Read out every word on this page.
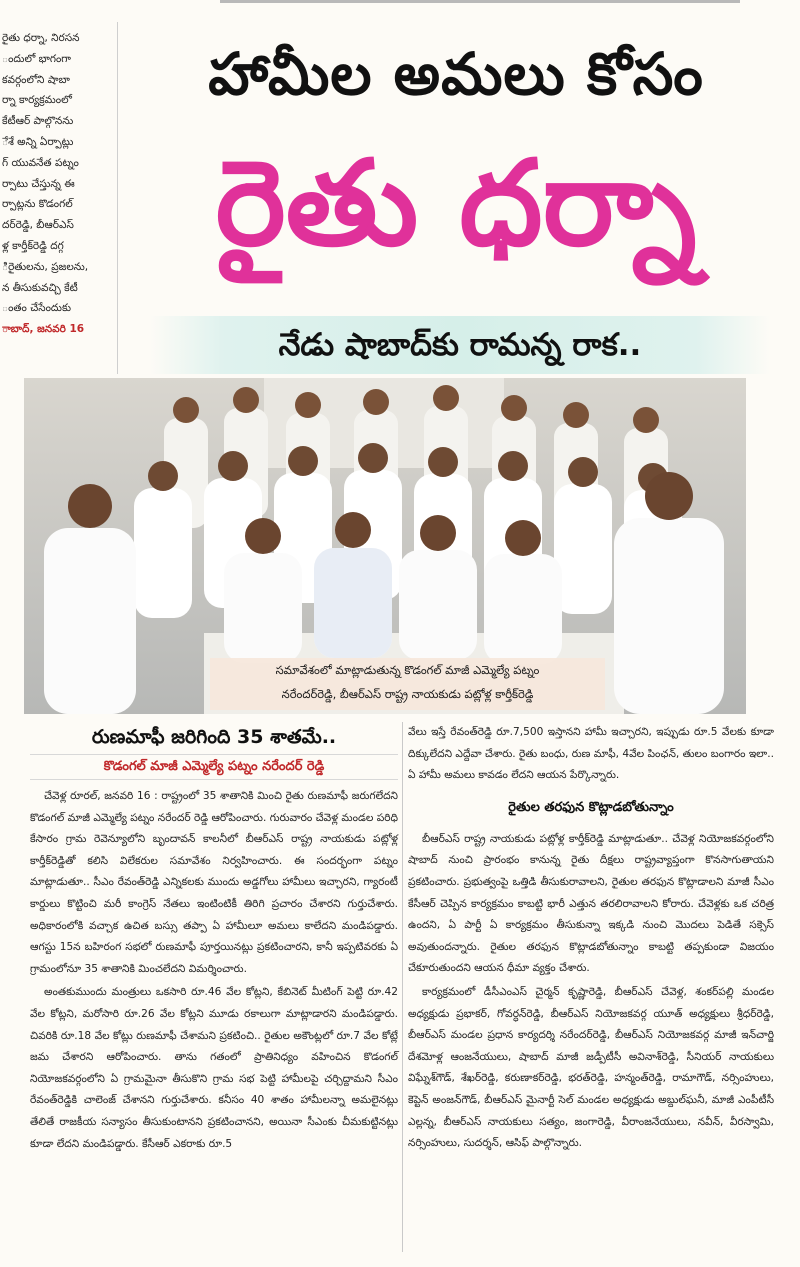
రైతు ధర్నా, నిరసన
ందులో భాగంగా
కవర్గంలోని షాబా
ర్నా కార్యక్రమంలో
కేటీఆర్ పాల్గొనను
ేశే అన్ని ఏర్పాట్లు
గ్ యువనేత పట్నం
ర్పాటు చేస్తున్న ఈ
ర్పాట్లను కొడంగల్
దర్‌రెడ్డి, బీఆర్ఎస్
ళ్ల కార్తీక్‌రెడ్డి దగ్గ
ిరైతులను, ప్రజలను,
న తీసుకువచ్చి కేటీ
ంతం చేసేందుకు
ాబాద్, జనవరి 16
హామీల అమలు కోసం
రైతు ధర్నా
నేడు షాబాద్‌కు రామన్న రాక..
సమావేశంలో మాట్లాడుతున్న కొడంగల్ మాజీ ఎమ్మెల్యే పట్నం
నరేందర్‌రెడ్డి, బీఆర్ఎస్ రాష్ట్ర నాయకుడు పట్లోళ్ల కార్తీక్‌రెడ్డి
రుణమాఫీ జరిగింది 35 శాతమే..
కొడంగల్ మాజీ ఎమ్మెల్యే పట్నం నరేందర్ రెడ్డి

చేవెళ్ల రూరల్, జనవరి 16 : రాష్ట్రంలో 35 శాతానికి మించి రైతు రుణమాఫీ జరుగలేదని కొడంగల్ మాజీ ఎమ్మెల్యే పట్నం నరేందర్ రెడ్డి ఆరోపించారు. గురువారం చేవెళ్ల మండల పరిధి కేసారం గ్రామ రెవెన్యూలోని బృందావన్ కాలనీలో బీఆర్ఎస్ రాష్ట్ర నాయకుడు పట్లోళ్ల కార్తీక్‌రెడ్డితో కలిసి విలేకరుల సమావేశం నిర్వహించారు. ఈ సందర్భంగా పట్నం మాట్లాడుతూ.. సీఎం రేవంత్‌రెడ్డి ఎన్నికలకు ముందు అడ్డగోలు హామీలు ఇచ్చారని, గ్యారంటీ కార్డులు కొట్టించి మరీ కాంగ్రెస్ నేతలు ఇంటింటికీ తిరిగి ప్రచారం చేశారని గుర్తుచేశారు. అధికారంలోకి వచ్చాక ఉచిత బస్సు తప్పా ఏ హామీలూ అమలు కాలేదని మండిపడ్డారు. ఆగస్టు 15న బహిరంగ సభలో రుణమాఫీ పూర్తయినట్లు ప్రకటించారని, కానీ ఇప్పటివరకు ఏ గ్రామంలోనూ 35 శాతానికి మించలేదని విమర్శించారు.

అంతకుముందు మంత్రులు ఒకసారి రూ.46 వేల కోట్లని, కేబినెట్ మీటింగ్ పెట్టి రూ.42 వేల కోట్లని, మరోసారి రూ.26 వేల కోట్లని మూడు రకాలుగా మాట్లాడారని మండిపడ్డారు. చివరికి రూ.18 వేల కోట్లు రుణమాఫీ చేశామని ప్రకటించి.. రైతుల అకౌంట్లలో రూ.7 వేల కోట్లే జమ చేశారని ఆరోపించారు. తాను గతంలో ప్రాతినిధ్యం వహించిన కొడంగల్ నియోజకవర్గంలోని ఏ గ్రామమైనా తీసుకొని గ్రామ సభ పెట్టి హామీలపై చర్చిద్దామని సీఎం రేవంత్‌రెడ్డికి చాలెంజ్ చేశానని గుర్తుచేశారు. కనీసం 40 శాతం హామీలన్నా అమలైనట్లు తేలితే రాజకీయ సన్యాసం తీసుకుంటానని ప్రకటించానని, అయినా సీఎంకు చీమకుట్టినట్లు కూడా లేదని మండిపడ్డారు. కేసీఆర్ ఎకరాకు రూ.5

వేలు ఇస్తే రేవంత్‌రెడ్డి రూ.7,500 ఇస్తానని హామీ ఇచ్చారని, ఇప్పుడు రూ.5 వేలకు కూడా దిక్కులేదని ఎద్దేవా చేశారు. రైతు బంధు, రుణ మాఫీ, 4వేల పింఛన్, తులం బంగారం ఇలా.. ఏ హామీ అమలు కావడం లేదని ఆయన పేర్కొన్నారు.

రైతుల తరఫున కొట్లాడబోతున్నాం

బీఆర్ఎస్ రాష్ట్ర నాయకుడు పట్లోళ్ల కార్తీక్‌రెడ్డి మాట్లాడుతూ.. చేవెళ్ల నియోజకవర్గంలోని షాబాద్ నుంచి ప్రారంభం కానున్న రైతు దీక్షలు రాష్ట్రవ్యాప్తంగా కొనసాగుతాయని ప్రకటించారు. ప్రభుత్వంపై ఒత్తిడి తీసుకురావాలని, రైతుల తరఫున కొట్లాడాలని మాజీ సీఎం కేసీఆర్ చెప్పిన కార్యక్రమం కాబట్టి భారీ ఎత్తున తరలిరావాలని కోరారు. చేవెళ్లకు ఒక చరిత్ర ఉందని, ఏ పార్టీ ఏ కార్యక్రమం తీసుకున్నా ఇక్కడి నుంచి మొదలు పెడితే సక్సెస్ అవుతుందన్నారు. రైతుల తరఫున కొట్లాడబోతున్నాం కాబట్టి తప్పకుండా విజయం చేకూరుతుందని ఆయన ధీమా వ్యక్తం చేశారు.

కార్యక్రమంలో డీసీఎంఎస్ చైర్మన్ కృష్ణారెడ్డి, బీఆర్ఎస్ చేవెళ్ల, శంకర్‌పల్లి మండల అధ్యక్షుడు ప్రభాకర్, గోవర్ధన్‌రెడ్డి, బీఆర్ఎస్ నియోజకవర్గ యూత్ అధ్యక్షులు శ్రీధర్‌రెడ్డి, బీఆర్ఎస్ మండల ప్రధాన కార్యదర్శి నరేందర్‌రెడ్డి, బీఆర్ఎస్ నియోజకవర్గ మాజీ ఇన్‌చార్జి దేశమోళ్ల ఆంజనేయులు, షాబాద్ మాజీ జడ్పీటీసీ అవినాశ్‌రెడ్డి, సీనియర్ నాయకులు విఘ్నేశ్‌గౌడ్, శేఖర్‌రెడ్డి, కరుణాకర్‌రెడ్డి, భరత్‌రెడ్డి, హన్మంత్‌రెడ్డి, రామాగౌడ్, నర్సింహులు, కెప్టెన్ అంజన్‌గౌడ్, బీఆర్ఎస్ మైనార్టీ సెల్ మండల అధ్యక్షుడు అబ్దుల్‌ఘనీ, మాజీ ఎంపీటీసీ ఎల్లన్న, బీఆర్ఎస్ నాయకులు సత్యం, జంగారెడ్డి, వీరాంజనేయులు, నవీన్, వీరస్వామి, నర్సింహులు, సుదర్శన్, ఆసిఫ్ పాల్గొన్నారు.
